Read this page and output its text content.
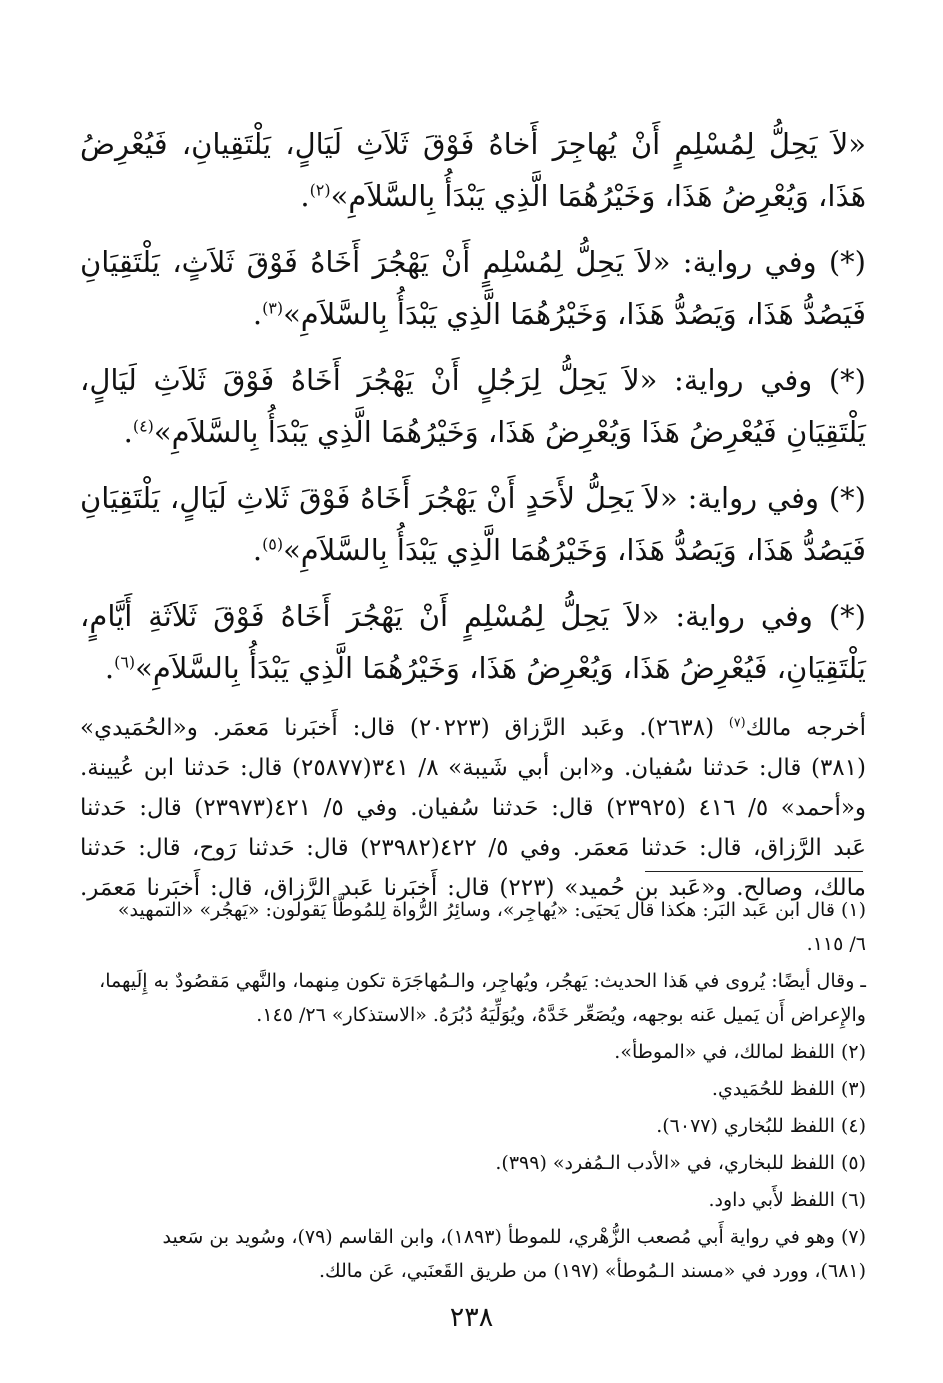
«لاَ يَحِلُّ لِمُسْلِمٍ أَنْ يُهاجِرَ أَخاهُ فَوْقَ ثَلاَثِ لَيَالٍ، يَلْتَقِيانِ، فَيُعْرِضُ هَذَا، وَيُعْرِضُ هَذَا، وَخَيْرُهُمَا الَّذِي يَبْدَأُ بِالسَّلاَمِ»$^{(٢)}$.

(*) وفي رواية: «لاَ يَحِلُّ لِمُسْلِمٍ أَنْ يَهْجُرَ أَخَاهُ فَوْقَ ثَلاَثٍ، يَلْتَقِيَانِ فَيَصُدُّ هَذَا، وَيَصُدُّ هَذَا، وَخَيْرُهُمَا الَّذِي يَبْدَأُ بِالسَّلاَمِ»$^{(٣)}$.

(*) وفي رواية: «لاَ يَحِلُّ لِرَجُلٍ أَنْ يَهْجُرَ أَخَاهُ فَوْقَ ثَلاَثِ لَيَالٍ، يَلْتَقِيَانِ فَيُعْرِضُ هَذَا وَيُعْرِضُ هَذَا، وَخَيْرُهُمَا الَّذِي يَبْدَأُ بِالسَّلاَمِ»$^{(٤)}$.

(*) وفي رواية: «لاَ يَحِلُّ لأَحَدٍ أَنْ يَهْجُرَ أَخَاهُ فَوْقَ ثَلاثِ لَيَالٍ، يَلْتَقِيَانِ فَيَصُدُّ هَذَا، وَيَصُدُّ هَذَا، وَخَيْرُهُمَا الَّذِي يَبْدَأُ بِالسَّلاَمِ»$^{(٥)}$.

(*) وفي رواية: «لاَ يَحِلُّ لِمُسْلِمٍ أَنْ يَهْجُرَ أَخَاهُ فَوْقَ ثَلاَثَةِ أَيَّامٍ، يَلْتَقِيَانِ، فَيُعْرِضُ هَذَا، وَيُعْرِضُ هَذَا، وَخَيْرُهُمَا الَّذِي يَبْدَأُ بِالسَّلاَمِ»$^{(٦)}$.

أخرجه مالك$^{(٧)}$ (٢٦٣٨). وعَبد الرَّزاق (٢٠٢٢٣) قال: أَخبَرنا مَعمَر. و«الحُمَيدي»
(٣٨١) قال: حَدثنا سُفيان. و«ابن أبي شَيبة» ٨/ ٣٤١(٢٥٨٧٧) قال: حَدثنا ابن عُيينة.
و«أحمد» ٥/ ٤١٦ (٢٣٩٢٥) قال: حَدثنا سُفيان. وفي ٥/ ٤٢١(٢٣٩٧٣) قال: حَدثنا
عَبد الرَّزاق، قال: حَدثنا مَعمَر. وفي ٥/ ٤٢٢(٢٣٩٨٢) قال: حَدثنا رَوح، قال: حَدثنا
مالك، وصالح. و«عَبد بن حُميد» (٢٢٣) قال: أَخبَرنا عَبد الرَّزاق، قال: أَخبَرنا مَعمَر.
(١) قال ابن عَبد البَر: هكذا قال يَحيَى: «يُهاجِر»، وسائِرُ الرُّواة لِلمُوطَّأ يَقولون: «يَهجُر» «التمهيد»
٦/ ١١٥.
ـ وقال أيضًا: يُروى في هَذا الحديث: يَهجُر، ويُهاجِر، والـمُهاجَرَة تكون مِنهما، والنَّهي مَقصُودٌ به إِلَيهما،
والإِعراض أَن يَميل عَنه بوجهه، ويُصَعِّر خَدَّهُ، ويُوَلِّيَهُ دُبُرَهُ. «الاستذكار» ٢٦/ ١٤٥.
(٢) اللفظ لمالك، في «الموطأ».
(٣) اللفظ للحُمَيدي.
(٤) اللفظ للبُخاري (٦٠٧٧).
(٥) اللفظ للبخاري، في «الأدب الـمُفرد» (٣٩٩).
(٦) اللفظ لأَبي داود.
(٧) وهو في رواية أَبي مُصعب الزُّهْري، للموطأ (١٨٩٣)، وابن القاسم (٧٩)، وسُويد بن سَعيد
(٦٨١)، وورد في «مسند الـمُوطأ» (١٩٧) من طريق القَعنَبي، عَن مالك.
٢٣٨
